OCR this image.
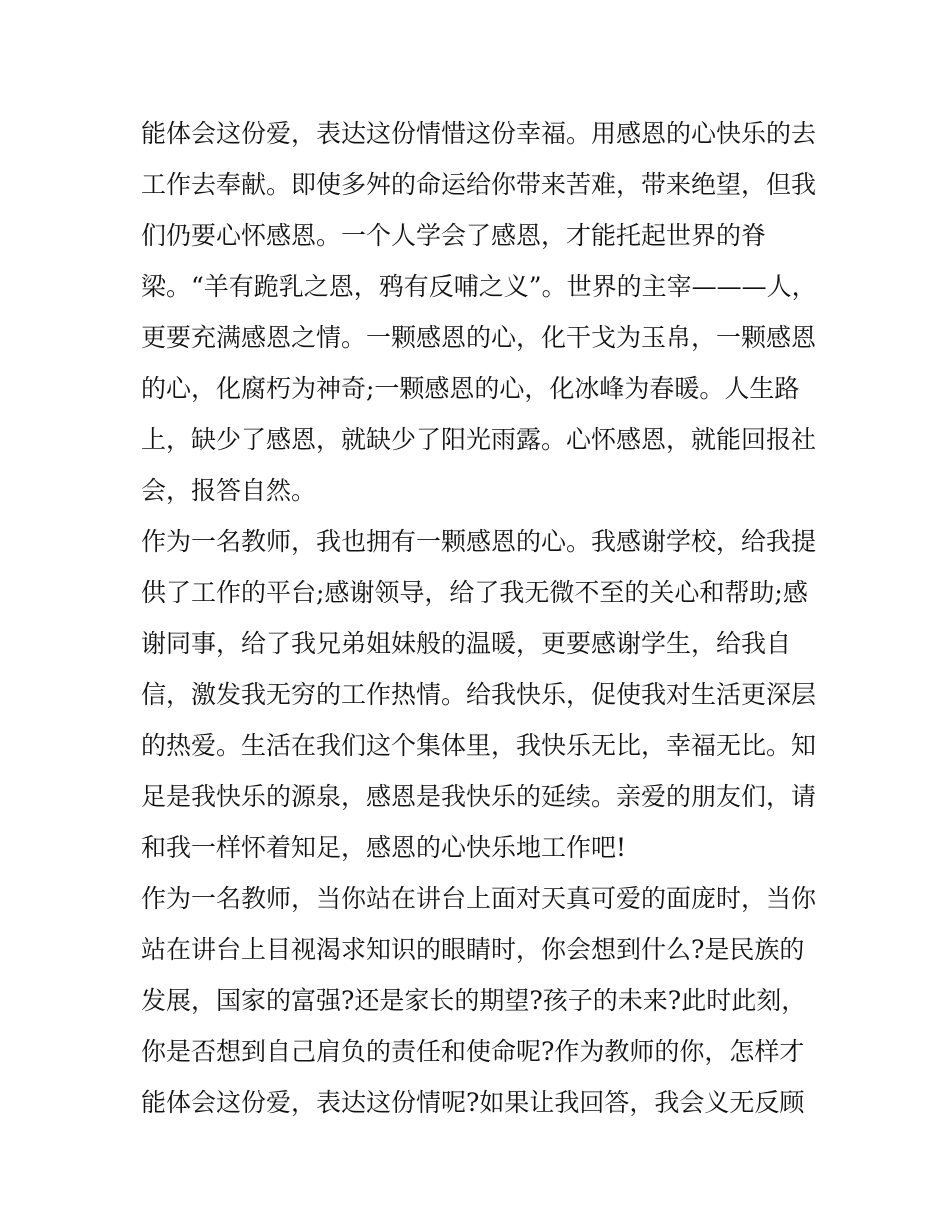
能体会这份爱，表达这份情惜这份幸福。用感恩的心快乐的去
工作去奉献。即使多舛的命运给你带来苦难，带来绝望，但我
们仍要心怀感恩。一个人学会了感恩，才能托起世界的脊
梁。“羊有跪乳之恩，鸦有反哺之义”。世界的主宰———人，
更要充满感恩之情。一颗感恩的心，化干戈为玉帛，一颗感恩
的心，化腐朽为神奇;一颗感恩的心，化冰峰为春暖。人生路
上，缺少了感恩，就缺少了阳光雨露。心怀感恩，就能回报社
会，报答自然。
作为一名教师，我也拥有一颗感恩的心。我感谢学校，给我提
供了工作的平台;感谢领导，给了我无微不至的关心和帮助;感
谢同事，给了我兄弟姐妹般的温暖，更要感谢学生，给我自
信，激发我无穷的工作热情。给我快乐，促使我对生活更深层
的热爱。生活在我们这个集体里，我快乐无比，幸福无比。知
足是我快乐的源泉，感恩是我快乐的延续。亲爱的朋友们，请
和我一样怀着知足，感恩的心快乐地工作吧!
作为一名教师，当你站在讲台上面对天真可爱的面庞时，当你
站在讲台上目视渴求知识的眼睛时，你会想到什么?是民族的
发展，国家的富强?还是家长的期望?孩子的未来?此时此刻，
你是否想到自己肩负的责任和使命呢?作为教师的你，怎样才
能体会这份爱，表达这份情呢?如果让我回答，我会义无反顾
